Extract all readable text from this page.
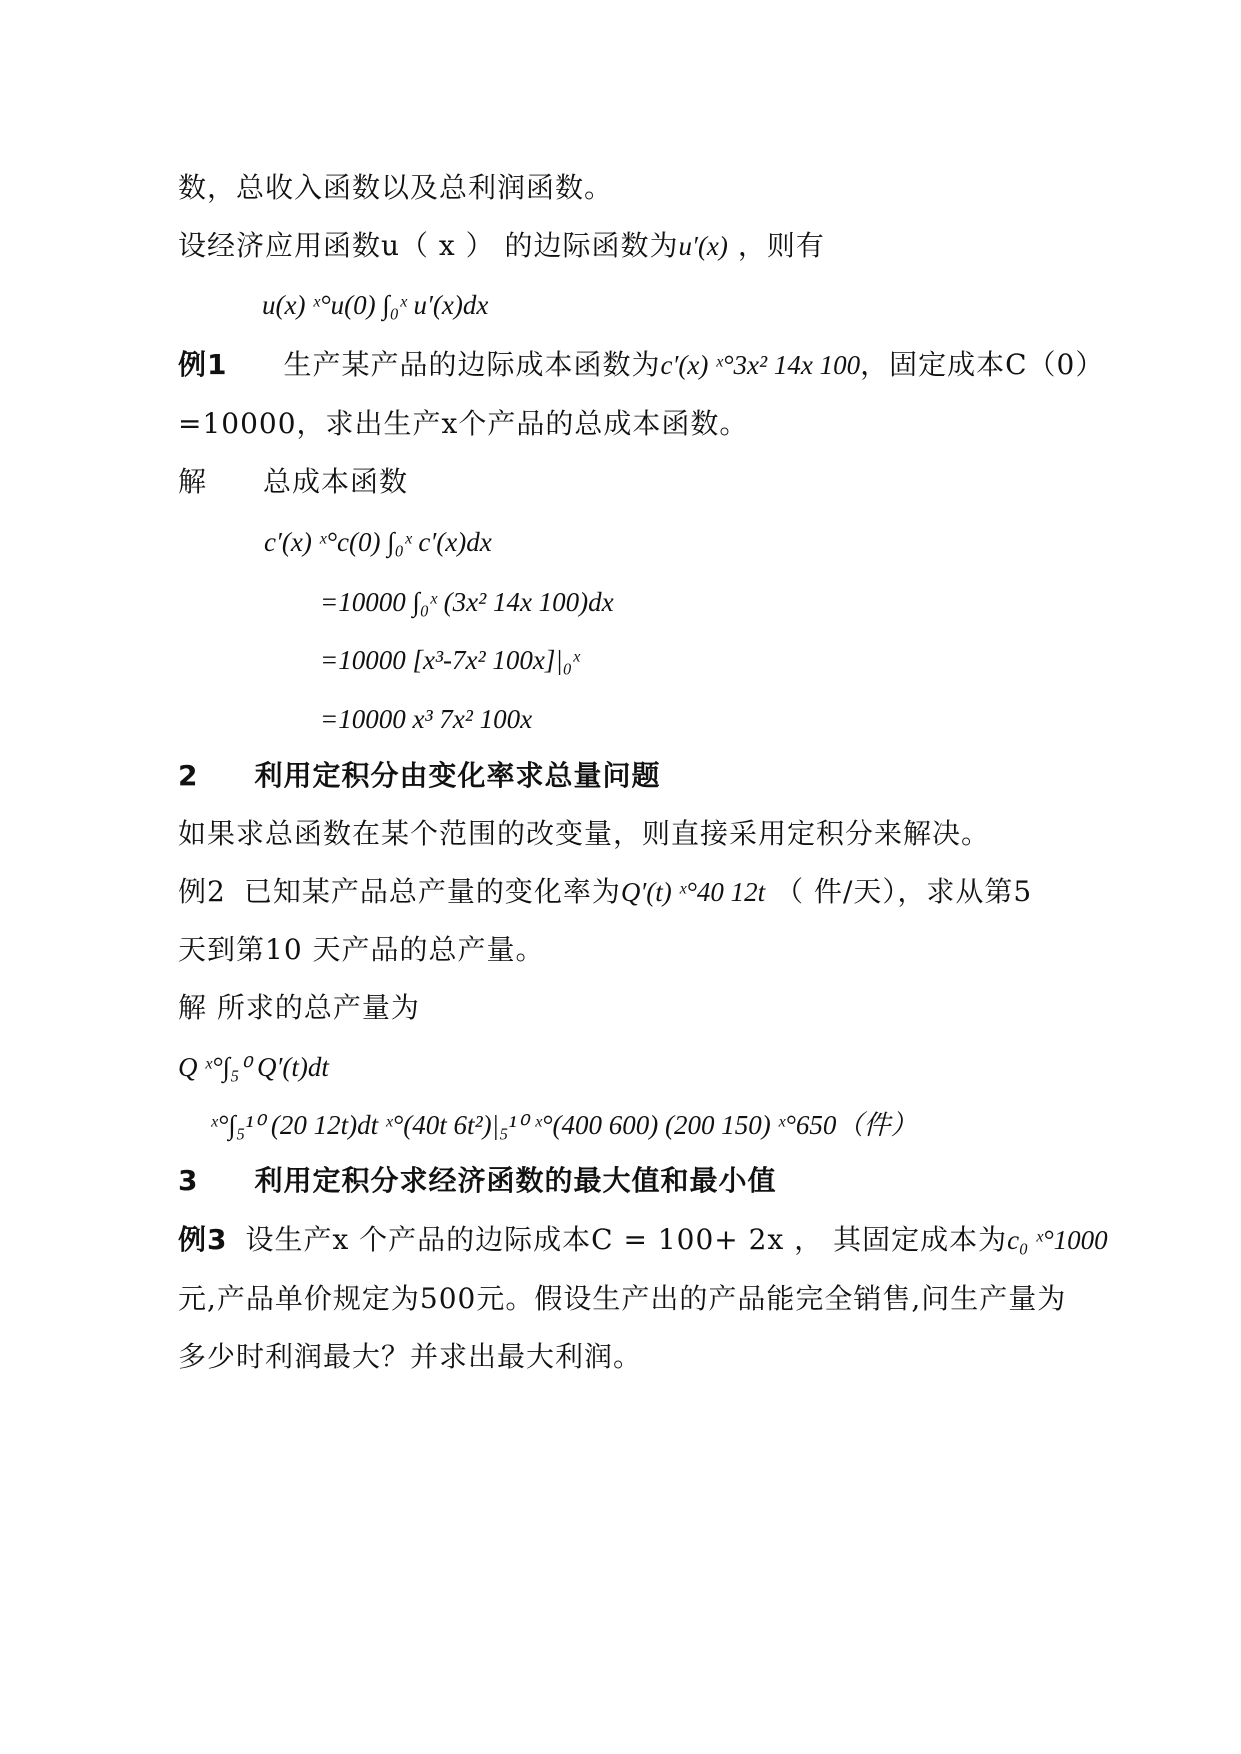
数，总收入函数以及总利润函数。
设经济应用函数u（ x ） 的边际函数为u′(x) ，则有
u(x) ˣ°u(0) ∫₀ˣ u′(x)dx
例1 生产某产品的边际成本函数为c′(x) ˣ°3x² 14x 100，固定成本C（0）
=10000，求出生产x个产品的总成本函数。
解 总成本函数
c′(x) ˣ°c(0) ∫₀ˣ c′(x)dx
=10000 ∫₀ˣ (3x² 14x 100)dx
=10000 [x³-7x² 100x]|₀ˣ
=10000 x³ 7x² 100x
2 利用定积分由变化率求总量问题
如果求总函数在某个范围的改变量，则直接采用定积分来解决。
例2 已知某产品总产量的变化率为Q′(t) ˣ°40 12t （ 件/天），求从第5
天到第10 天产品的总产量。
解 所求的总产量为
Q ˣ°∫₅⁰ Q′(t)dt
ˣ°∫₅¹⁰ (20 12t)dt ˣ°(40t 6t²)|₅¹⁰ ˣ°(400 600) (200 150) ˣ°650（件）
3 利用定积分求经济函数的最大值和最小值
例3 设生产x 个产品的边际成本C = 100+ 2x ， 其固定成本为c₀ ˣ°1000
元,产品单价规定为500元。假设生产出的产品能完全销售,问生产量为
多少时利润最大？并求出最大利润。
